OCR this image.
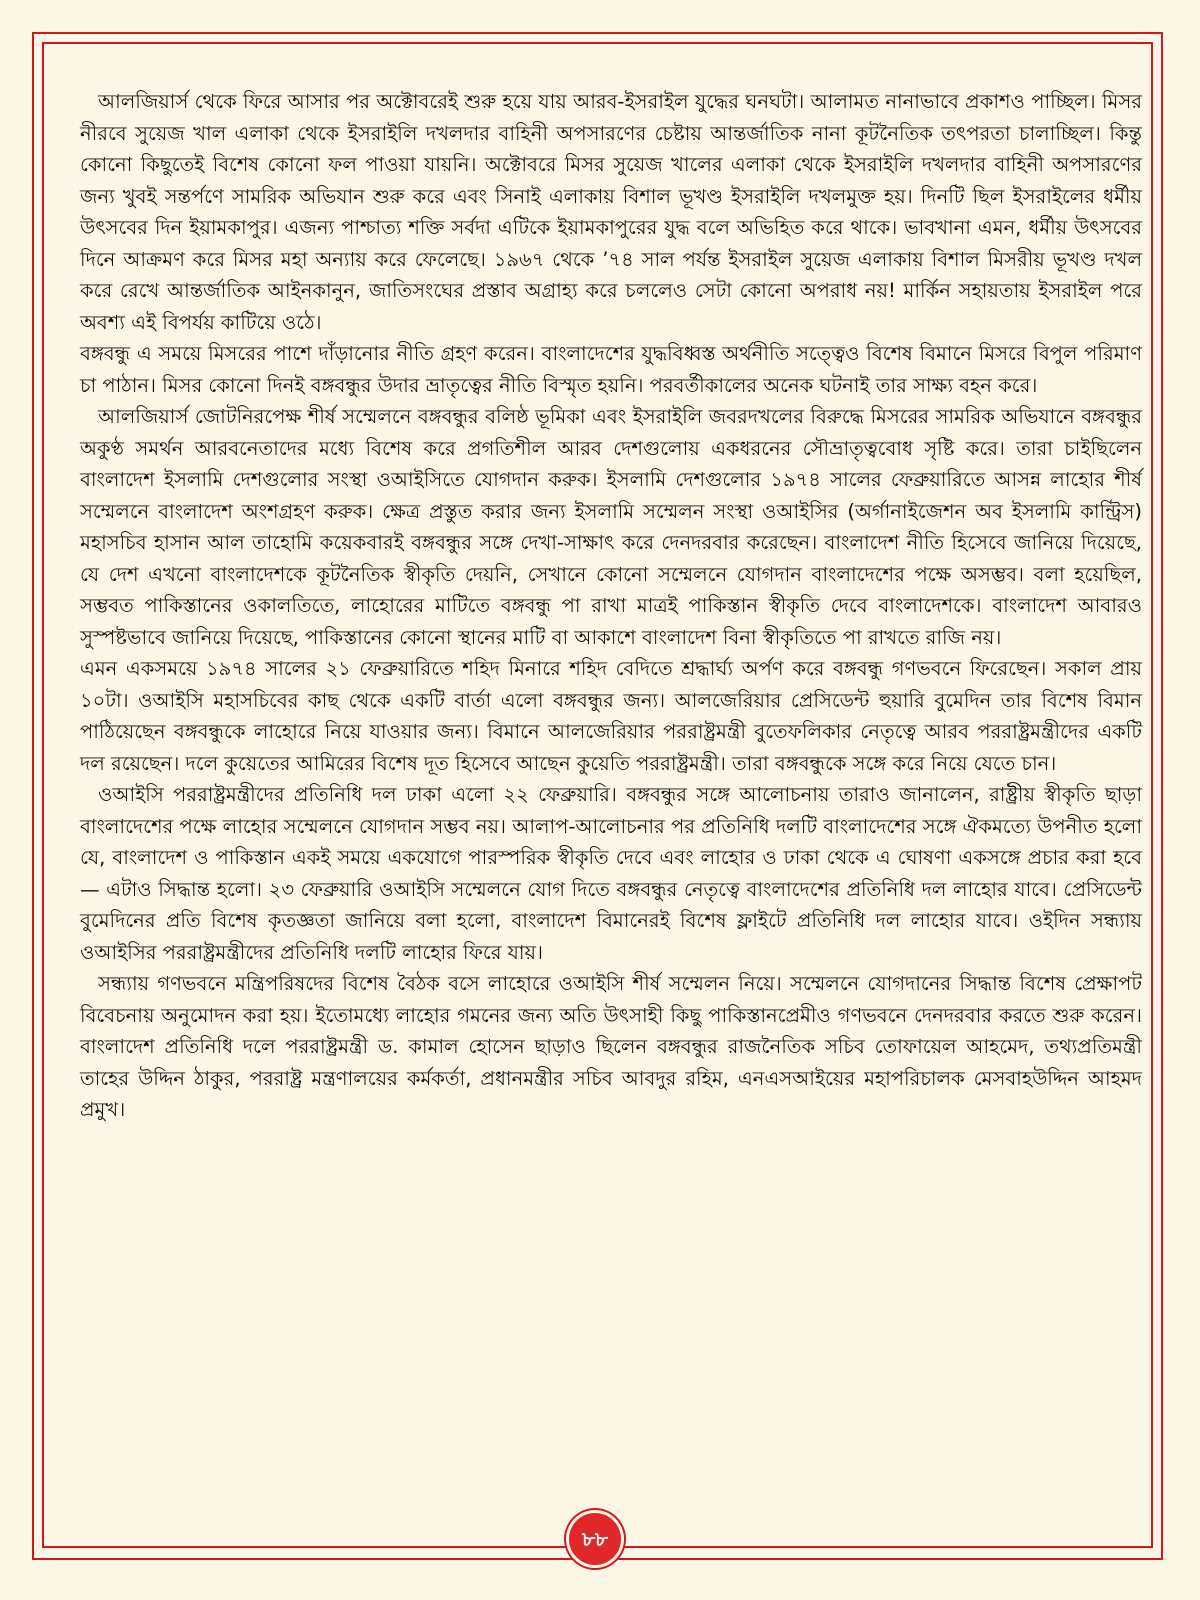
আলজিয়ার্স থেকে ফিরে আসার পর অক্টোবরেই শুরু হয়ে যায় আরব-ইসরাইল যুদ্ধের ঘনঘটা। আলামত নানাভাবে প্রকাশও পাচ্ছিল। মিসর নীরবে সুয়েজ খাল এলাকা থেকে ইসরাইলি দখলদার বাহিনী অপসারণের চেষ্টায় আন্তর্জাতিক নানা কূটনৈতিক তৎপরতা চালাচ্ছিল। কিন্তু কোনো কিছুতেই বিশেষ কোনো ফল পাওয়া যায়নি। অক্টোবরে মিসর সুয়েজ খালের এলাকা থেকে ইসরাইলি দখলদার বাহিনী অপসারণের জন্য খুবই সন্তর্পণে সামরিক অভিযান শুরু করে এবং সিনাই এলাকায় বিশাল ভূখণ্ড ইসরাইলি দখলমুক্ত হয়। দিনটি ছিল ইসরাইলের ধর্মীয় উৎসবের দিন ইয়ামকাপুর। এজন্য পাশ্চাত্য শক্তি সর্বদা এটিকে ইয়ামকাপুরের যুদ্ধ বলে অভিহিত করে থাকে। ভাবখানা এমন, ধর্মীয় উৎসবের দিনে আক্রমণ করে মিসর মহা অন্যায় করে ফেলেছে। ১৯৬৭ থেকে ’৭৪ সাল পর্যন্ত ইসরাইল সুয়েজ এলাকায় বিশাল মিসরীয় ভূখণ্ড দখল করে রেখে আন্তর্জাতিক আইনকানুন, জাতিসংঘের প্রস্তাব অগ্রাহ্য করে চললেও সেটা কোনো অপরাধ নয়! মার্কিন সহায়তায় ইসরাইল পরে অবশ্য এই বিপর্যয় কাটিয়ে ওঠে।

বঙ্গবন্ধু এ সময়ে মিসরের পাশে দাঁড়ানোর নীতি গ্রহণ করেন। বাংলাদেশের যুদ্ধবিধ্বস্ত অর্থনীতি সত্ত্বেও বিশেষ বিমানে মিসরে বিপুল পরিমাণ চা পাঠান। মিসর কোনো দিনই বঙ্গবন্ধুর উদার ভ্রাতৃত্বের নীতি বিস্মৃত হয়নি। পরবর্তীকালের অনেক ঘটনাই তার সাক্ষ্য বহন করে।

আলজিয়ার্স জোটনিরপেক্ষ শীর্ষ সম্মেলনে বঙ্গবন্ধুর বলিষ্ঠ ভূমিকা এবং ইসরাইলি জবরদখলের বিরুদ্ধে মিসরের সামরিক অভিযানে বঙ্গবন্ধুর অকুণ্ঠ সমর্থন আরবনেতাদের মধ্যে বিশেষ করে প্রগতিশীল আরব দেশগুলোয় একধরনের সৌভ্রাতৃত্ববোধ সৃষ্টি করে। তারা চাইছিলেন বাংলাদেশ ইসলামি দেশগুলোর সংস্থা ওআইসিতে যোগদান করুক। ইসলামি দেশগুলোর ১৯৭৪ সালের ফেব্রুয়ারিতে আসন্ন লাহোর শীর্ষ সম্মেলনে বাংলাদেশ অংশগ্রহণ করুক। ক্ষেত্র প্রস্তুত করার জন্য ইসলামি সম্মেলন সংস্থা ওআইসির (অর্গানাইজেশন অব ইসলামি কান্ট্রিস) মহাসচিব হাসান আল তাহোমি কয়েকবারই বঙ্গবন্ধুর সঙ্গে দেখা-সাক্ষাৎ করে দেনদরবার করেছেন। বাংলাদেশ নীতি হিসেবে জানিয়ে দিয়েছে, যে দেশ এখনো বাংলাদেশকে কূটনৈতিক স্বীকৃতি দেয়নি, সেখানে কোনো সম্মেলনে যোগদান বাংলাদেশের পক্ষে অসম্ভব। বলা হয়েছিল, সম্ভবত পাকিস্তানের ওকালতিতে, লাহোরের মাটিতে বঙ্গবন্ধু পা রাখা মাত্রই পাকিস্তান স্বীকৃতি দেবে বাংলাদেশকে। বাংলাদেশ আবারও সুস্পষ্টভাবে জানিয়ে দিয়েছে, পাকিস্তানের কোনো স্থানের মাটি বা আকাশে বাংলাদেশ বিনা স্বীকৃতিতে পা রাখতে রাজি নয়।

এমন একসময়ে ১৯৭৪ সালের ২১ ফেব্রুয়ারিতে শহিদ মিনারে শহিদ বেদিতে শ্রদ্ধার্ঘ্য অর্পণ করে বঙ্গবন্ধু গণভবনে ফিরেছেন। সকাল প্রায় ১০টা। ওআইসি মহাসচিবের কাছ থেকে একটি বার্তা এলো বঙ্গবন্ধুর জন্য। আলজেরিয়ার প্রেসিডেন্ট হুয়ারি বুমেদিন তার বিশেষ বিমান পাঠিয়েছেন বঙ্গবন্ধুকে লাহোরে নিয়ে যাওয়ার জন্য। বিমানে আলজেরিয়ার পররাষ্ট্রমন্ত্রী বুতেফলিকার নেতৃত্বে আরব পররাষ্ট্রমন্ত্রীদের একটি দল রয়েছেন। দলে কুয়েতের আমিরের বিশেষ দূত হিসেবে আছেন কুয়েতি পররাষ্ট্রমন্ত্রী। তারা বঙ্গবন্ধুকে সঙ্গে করে নিয়ে যেতে চান।

ওআইসি পররাষ্ট্রমন্ত্রীদের প্রতিনিধি দল ঢাকা এলো ২২ ফেব্রুয়ারি। বঙ্গবন্ধুর সঙ্গে আলোচনায় তারাও জানালেন, রাষ্ট্রীয় স্বীকৃতি ছাড়া বাংলাদেশের পক্ষে লাহোর সম্মেলনে যোগদান সম্ভব নয়। আলাপ-আলোচনার পর প্রতিনিধি দলটি বাংলাদেশের সঙ্গে ঐকমত্যে উপনীত হলো যে, বাংলাদেশ ও পাকিস্তান একই সময়ে একযোগে পারস্পরিক স্বীকৃতি দেবে এবং লাহোর ও ঢাকা থেকে এ ঘোষণা একসঙ্গে প্রচার করা হবে— এটাও সিদ্ধান্ত হলো। ২৩ ফেব্রুয়ারি ওআইসি সম্মেলনে যোগ দিতে বঙ্গবন্ধুর নেতৃত্বে বাংলাদেশের প্রতিনিধি দল লাহোর যাবে। প্রেসিডেন্ট বুমেদিনের প্রতি বিশেষ কৃতজ্ঞতা জানিয়ে বলা হলো, বাংলাদেশ বিমানেরই বিশেষ ফ্লাইটে প্রতিনিধি দল লাহোর যাবে। ওইদিন সন্ধ্যায় ওআইসির পররাষ্ট্রমন্ত্রীদের প্রতিনিধি দলটি লাহোর ফিরে যায়।

সন্ধ্যায় গণভবনে মন্ত্রিপরিষদের বিশেষ বৈঠক বসে লাহোরে ওআইসি শীর্ষ সম্মেলন নিয়ে। সম্মেলনে যোগদানের সিদ্ধান্ত বিশেষ প্রেক্ষাপট বিবেচনায় অনুমোদন করা হয়। ইতোমধ্যে লাহোর গমনের জন্য অতি উৎসাহী কিছু পাকিস্তানপ্রেমীও গণভবনে দেনদরবার করতে শুরু করেন। বাংলাদেশ প্রতিনিধি দলে পররাষ্ট্রমন্ত্রী ড. কামাল হোসেন ছাড়াও ছিলেন বঙ্গবন্ধুর রাজনৈতিক সচিব তোফায়েল আহমেদ, তথ্যপ্রতিমন্ত্রী তাহের উদ্দিন ঠাকুর, পররাষ্ট্র মন্ত্রণালয়ের কর্মকর্তা, প্রধানমন্ত্রীর সচিব আবদুর রহিম, এনএসআইয়ের মহাপরিচালক মেসবাহউদ্দিন আহমদ প্রমুখ।

৮৮
